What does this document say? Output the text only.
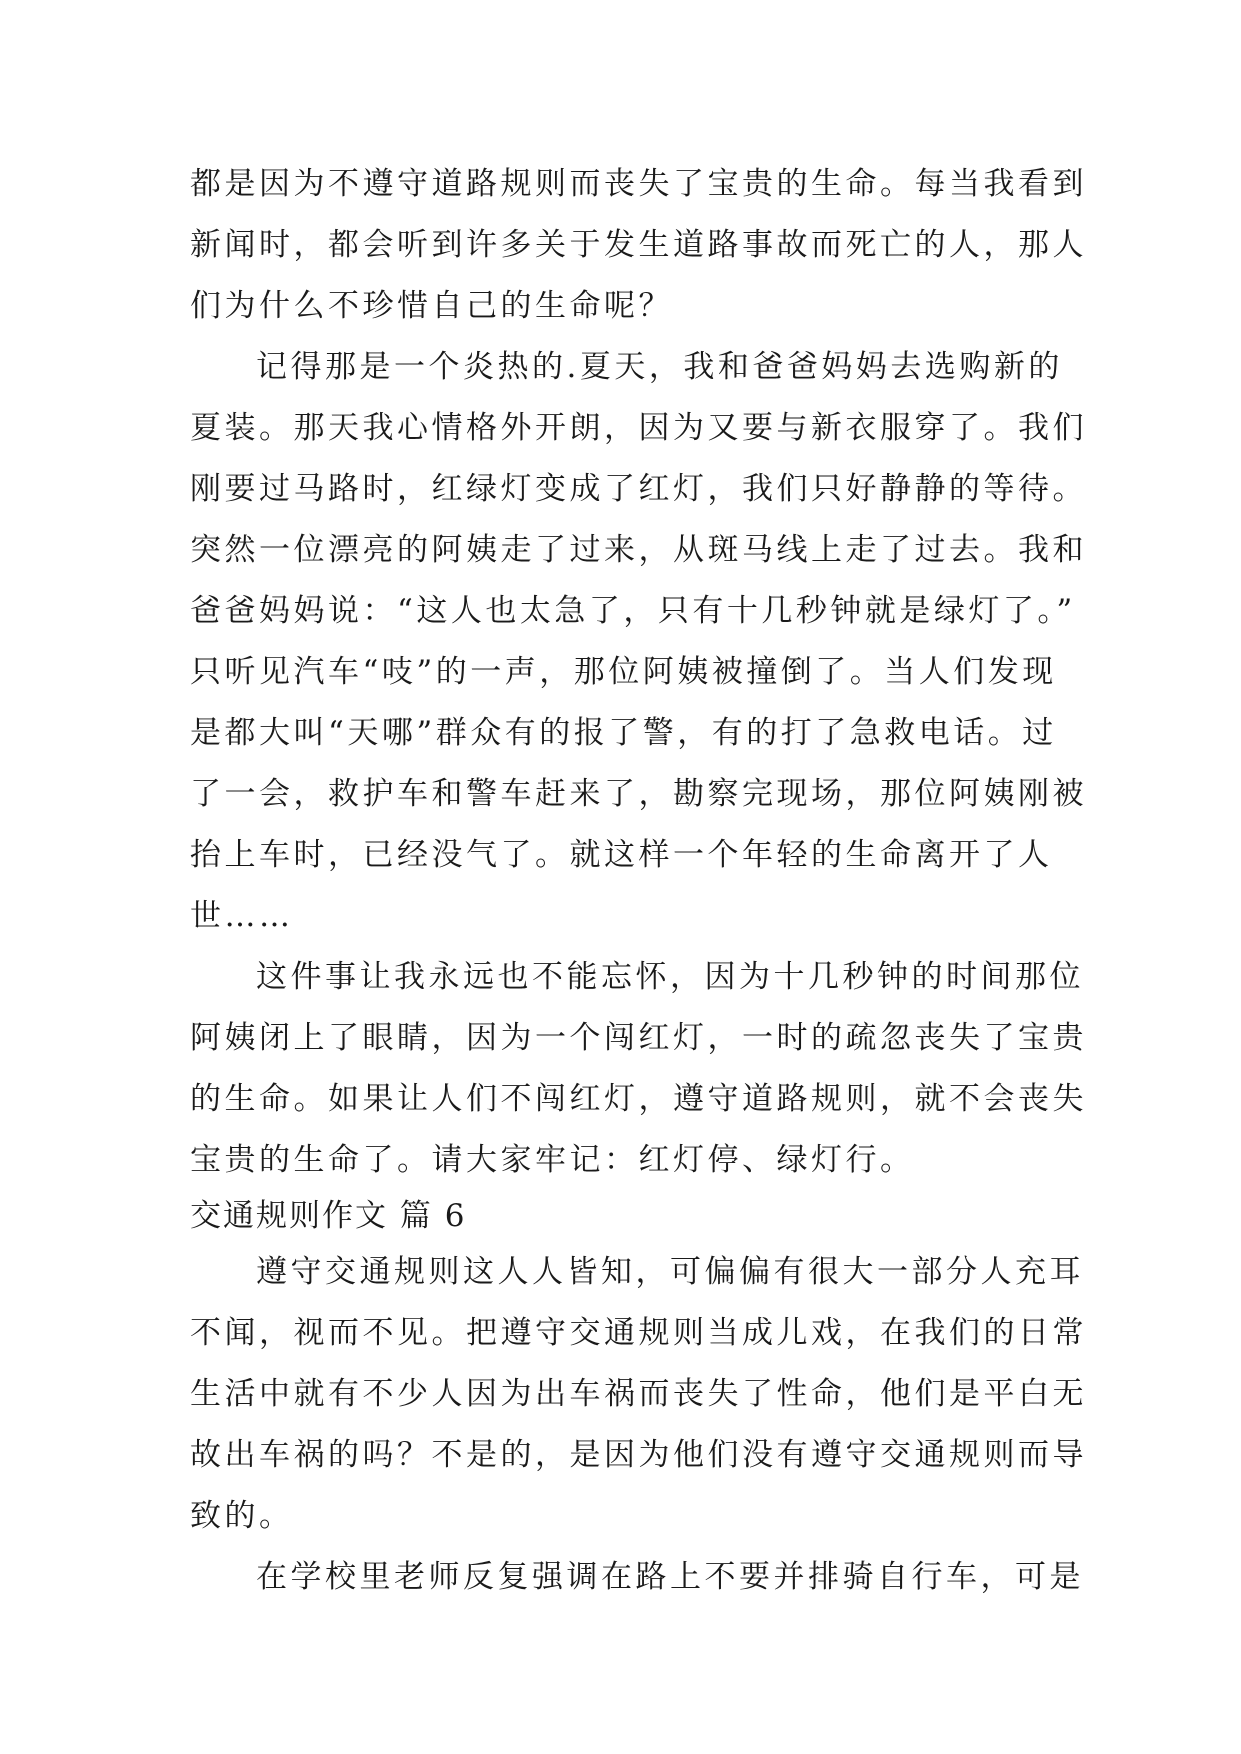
都是因为不遵守道路规则而丧失了宝贵的生命。每当我看到
新闻时，都会听到许多关于发生道路事故而死亡的人，那人
们为什么不珍惜自己的生命呢？
记得那是一个炎热的.夏天，我和爸爸妈妈去选购新的
夏装。那天我心情格外开朗，因为又要与新衣服穿了。我们
刚要过马路时，红绿灯变成了红灯，我们只好静静的等待。
突然一位漂亮的阿姨走了过来，从斑马线上走了过去。我和
爸爸妈妈说：“这人也太急了，只有十几秒钟就是绿灯了。”
只听见汽车“吱”的一声，那位阿姨被撞倒了。当人们发现
是都大叫“天哪”群众有的报了警，有的打了急救电话。过
了一会，救护车和警车赶来了，勘察完现场，那位阿姨刚被
抬上车时，已经没气了。就这样一个年轻的生命离开了人
世……
这件事让我永远也不能忘怀，因为十几秒钟的时间那位
阿姨闭上了眼睛，因为一个闯红灯，一时的疏忽丧失了宝贵
的生命。如果让人们不闯红灯，遵守道路规则，就不会丧失
宝贵的生命了。请大家牢记：红灯停、绿灯行。
交通规则作文 篇 6
遵守交通规则这人人皆知，可偏偏有很大一部分人充耳
不闻，视而不见。把遵守交通规则当成儿戏，在我们的日常
生活中就有不少人因为出车祸而丧失了性命，他们是平白无
故出车祸的吗？不是的，是因为他们没有遵守交通规则而导
致的。
在学校里老师反复强调在路上不要并排骑自行车，可是
